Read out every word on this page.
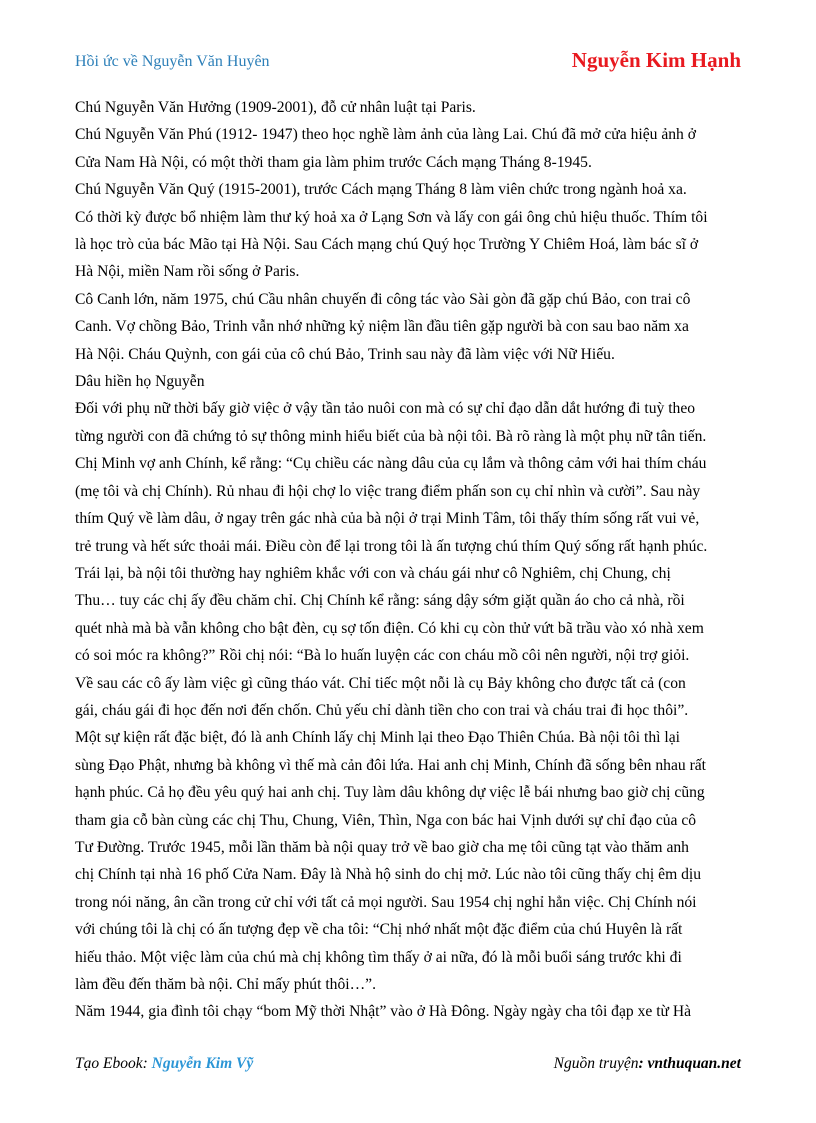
Hồi ức về Nguyễn Văn Huyên	Nguyễn Kim Hạnh

Chú Nguyễn Văn Hưởng (1909-2001), đỗ cử nhân luật tại Paris.

Chú Nguyễn Văn Phú (1912- 1947) theo học nghề làm ảnh của làng Lai. Chú đã mở cửa hiệu ảnh ở

Cửa Nam Hà Nội, có một thời tham gia làm phim trước Cách mạng Tháng 8-1945.

Chú Nguyễn Văn Quý (1915-2001), trước Cách mạng Tháng 8 làm viên chức trong ngành hoả xa.

Có thời kỳ được bổ nhiệm làm thư ký hoả xa ở Lạng Sơn và lấy con gái ông chủ hiệu thuốc. Thím tôi

là học trò của bác Mão tại Hà Nội. Sau Cách mạng chú Quý học Trường Y Chiêm Hoá, làm bác sĩ ở

Hà Nội, miền Nam rồi sống ở Paris.

Cô Canh lớn, năm 1975, chú Cầu nhân chuyến đi công tác vào Sài gòn đã gặp chú Bảo, con trai cô

Canh. Vợ chồng Bảo, Trinh vẫn nhớ những kỷ niệm lần đầu tiên gặp người bà con sau bao năm xa

Hà Nội. Cháu Quỳnh, con gái của cô chú Bảo, Trinh sau này đã làm việc với Nữ Hiếu.

Dâu hiền họ Nguyễn

Đối với phụ nữ thời bấy giờ việc ở vậy tần tảo nuôi con mà có sự chỉ đạo dẫn dắt hướng đi tuỳ theo

từng người con đã chứng tỏ sự thông minh hiểu biết của bà nội tôi. Bà rõ ràng là một phụ nữ tân tiến.

Chị Minh vợ anh Chính, kể rằng: “Cụ chiều các nàng dâu của cụ lắm và thông cảm với hai thím cháu

(mẹ tôi và chị Chính). Rủ nhau đi hội chợ lo việc trang điểm phấn son cụ chỉ nhìn và cười”. Sau này

thím Quý về làm dâu, ở ngay trên gác nhà của bà nội ở trại Minh Tâm, tôi thấy thím sống rất vui vẻ,

trẻ trung và hết sức thoải mái. Điều còn để lại trong tôi là ấn tượng chú thím Quý sống rất hạnh phúc.

Trái lại, bà nội tôi thường hay nghiêm khắc với con và cháu gái như cô Nghiêm, chị Chung, chị

Thu… tuy các chị ấy đều chăm chỉ. Chị Chính kể rằng: sáng dậy sớm giặt quần áo cho cả nhà, rồi

quét nhà mà bà vẫn không cho bật đèn, cụ sợ tốn điện. Có khi cụ còn thử vứt bã trầu vào xó nhà xem

có soi móc ra không?” Rồi chị nói: “Bà lo huấn luyện các con cháu mồ côi nên người, nội trợ giỏi.

Về sau các cô ấy làm việc gì cũng tháo vát. Chỉ tiếc một nỗi là cụ Bảy không cho được tất cả (con

gái, cháu gái đi học đến nơi đến chốn. Chủ yếu chỉ dành tiền cho con trai và cháu trai đi học thôi”.

Một sự kiện rất đặc biệt, đó là anh Chính lấy chị Minh lại theo Đạo Thiên Chúa. Bà nội tôi thì lại

sùng Đạo Phật, nhưng bà không vì thế mà cản đôi lứa. Hai anh chị Minh, Chính đã sống bên nhau rất

hạnh phúc. Cả họ đều yêu quý hai anh chị. Tuy làm dâu không dự việc lễ bái nhưng bao giờ chị cũng

tham gia cỗ bàn cùng các chị Thu, Chung, Viên, Thìn, Nga con bác hai Vịnh dưới sự chỉ đạo của cô

Tư Đường. Trước 1945, mỗi lần thăm bà nội quay trở về bao giờ cha mẹ tôi cũng tạt vào thăm anh

chị Chính tại nhà 16 phố Cửa Nam. Đây là Nhà hộ sinh do chị mở. Lúc nào tôi cũng thấy chị êm dịu

trong nói năng, ân cần trong cử chỉ với tất cả mọi người. Sau 1954 chị nghỉ hẳn việc. Chị Chính nói

với chúng tôi là chị có ấn tượng đẹp về cha tôi: “Chị nhớ nhất một đặc điểm của chú Huyên là rất

hiếu thảo. Một việc làm của chú mà chị không tìm thấy ở ai nữa, đó là mỗi buổi sáng trước khi đi

làm đều đến thăm bà nội. Chỉ mấy phút thôi…”.

Năm 1944, gia đình tôi chạy “bom Mỹ thời Nhật” vào ở Hà Đông. Ngày ngày cha tôi đạp xe từ Hà

Tạo Ebook: Nguyễn Kim Vỹ	Nguồn truyện: vnthuquan.net
